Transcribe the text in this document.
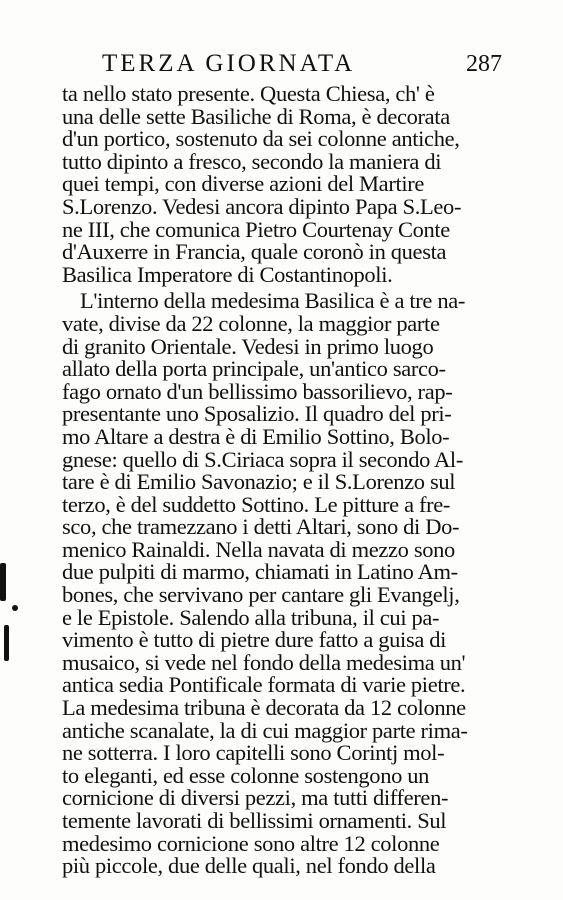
TERZA GIORNATA	287
ta nello stato presente. Questa Chiesa, ch' è
una delle sette Basiliche di Roma, è decorata
d'un portico, sostenuto da sei colonne antiche,
tutto dipinto a fresco, secondo la maniera di
quei tempi, con diverse azioni del Martire
S.Lorenzo. Vedesi ancora dipinto Papa S.Leo-
ne III, che comunica Pietro Courtenay Conte
d'Auxerre in Francia, quale coronò in questa
Basilica Imperatore di Costantinopoli.
L'interno della medesima Basilica è a tre na-
vate, divise da 22 colonne, la maggior parte
di granito Orientale. Vedesi in primo luogo
allato della porta principale, un'antico sarco-
fago ornato d'un bellissimo bassorilievo, rap-
presentante uno Sposalizio. Il quadro del pri-
mo Altare a destra è di Emilio Sottino, Bolo-
gnese: quello di S.Ciriaca sopra il secondo Al-
tare è di Emilio Savonazio; e il S.Lorenzo sul
terzo, è del suddetto Sottino. Le pitture a fre-
sco, che tramezzano i detti Altari, sono di Do-
menico Rainaldi. Nella navata di mezzo sono
due pulpiti di marmo, chiamati in Latino Am-
bones, che servivano per cantare gli Evangelj,
e le Epistole. Salendo alla tribuna, il cui pa-
vimento è tutto di pietre dure fatto a guisa di
musaico, si vede nel fondo della medesima un'
antica sedia Pontificale formata di varie pietre.
La medesima tribuna è decorata da 12 colonne
antiche scanalate, la di cui maggior parte rima-
ne sotterra. I loro capitelli sono Corintj mol-
to eleganti, ed esse colonne sostengono un
cornicione di diversi pezzi, ma tutti differen-
temente lavorati di bellissimi ornamenti. Sul
medesimo cornicione sono altre 12 colonne
più piccole, due delle quali, nel fondo della
